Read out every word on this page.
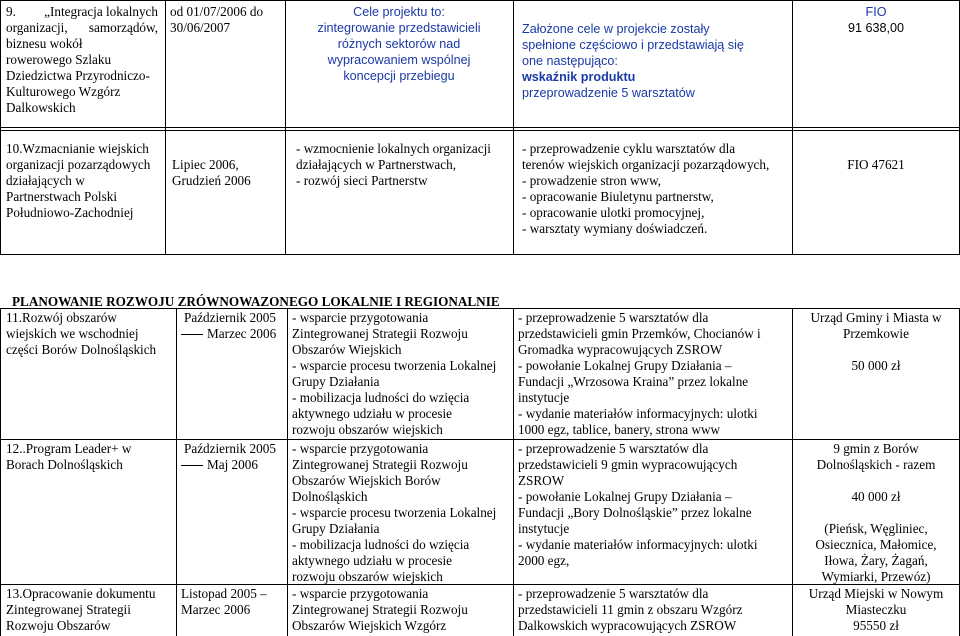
9. „Integracja lokalnych
organizacji, samorządów,
biznesu wokół
rowerowego Szlaku
Dziedzictwa Przyrodniczo-
Kulturowego Wzgórz
Dalkowskich
od 01/07/2006 do
30/06/2007
Cele projektu to:
zintegrowanie przedstawicieli
różnych sektorów nad
wypracowaniem wspólnej
koncepcji przebiegu
Założone cele w projekcie zostały
spełnione częściowo i przedstawiają się
one następująco:
wskaźnik produktu
przeprowadzenie 5 warsztatów
FIO
91 638,00
10.Wzmacnianie wiejskich
organizacji pozarządowych
działających w
Partnerstwach Polski
Południowo-Zachodniej
Lipiec 2006,
Grudzień 2006
- wzmocnienie lokalnych organizacji
działających w Partnerstwach,
- rozwój sieci Partnerstw
- przeprowadzenie cyklu warsztatów dla
terenów wiejskich organizacji pozarządowych,
- prowadzenie stron www,
- opracowanie Biuletynu partnerstw,
- opracowanie ulotki promocyjnej,
- warsztaty wymiany doświadczeń.
FIO 47621
PLANOWANIE ROZWOJU ZRÓWNOWAZONEGO LOKALNIE I REGIONALNIE
11.Rozwój obszarów
wiejskich we wschodniej
części Borów Dolnośląskich
Październik 2005
Marzec 2006
- wsparcie przygotowania
Zintegrowanej Strategii Rozwoju
Obszarów Wiejskich
- wsparcie procesu tworzenia Lokalnej
Grupy Działania
- mobilizacja ludności do wzięcia
aktywnego udziału w procesie
rozwoju obszarów wiejskich
- przeprowadzenie 5 warsztatów dla
przedstawicieli gmin Przemków, Chocianów i
Gromadka wypracowujących ZSROW
- powołanie Lokalnej Grupy Działania –
Fundacji „Wrzosowa Kraina” przez lokalne
instytucje
- wydanie materiałów informacyjnych: ulotki
1000 egz, tablice, banery, strona www
Urząd Gminy i Miasta w
Przemkowie
50 000 zł
12..Program Leader+ w
Borach Dolnośląskich
Październik 2005
Maj 2006
- wsparcie przygotowania
Zintegrowanej Strategii Rozwoju
Obszarów Wiejskich Borów
Dolnośląskich
- wsparcie procesu tworzenia Lokalnej
Grupy Działania
- mobilizacja ludności do wzięcia
aktywnego udziału w procesie
rozwoju obszarów wiejskich
- przeprowadzenie 5 warsztatów dla
przedstawicieli 9 gmin wypracowujących
ZSROW
- powołanie Lokalnej Grupy Działania –
Fundacji „Bory Dolnośląskie” przez lokalne
instytucje
- wydanie materiałów informacyjnych: ulotki
2000 egz,
9 gmin z Borów
Dolnośląskich - razem
40 000 zł
(Pieńsk, Węgliniec,
Osiecznica, Małomice,
Iłowa, Żary, Żagań,
Wymiarki, Przewóz)
13.Opracowanie dokumentu
Zintegrowanej Strategii
Rozwoju Obszarów
Listopad 2005 –
Marzec 2006
- wsparcie przygotowania
Zintegrowanej Strategii Rozwoju
Obszarów Wiejskich Wzgórz
- przeprowadzenie 5 warsztatów dla
przedstawicieli 11 gmin z obszaru Wzgórz
Dalkowskich wypracowujących ZSROW
Urząd Miejski w Nowym
Miasteczku
95550 zł
